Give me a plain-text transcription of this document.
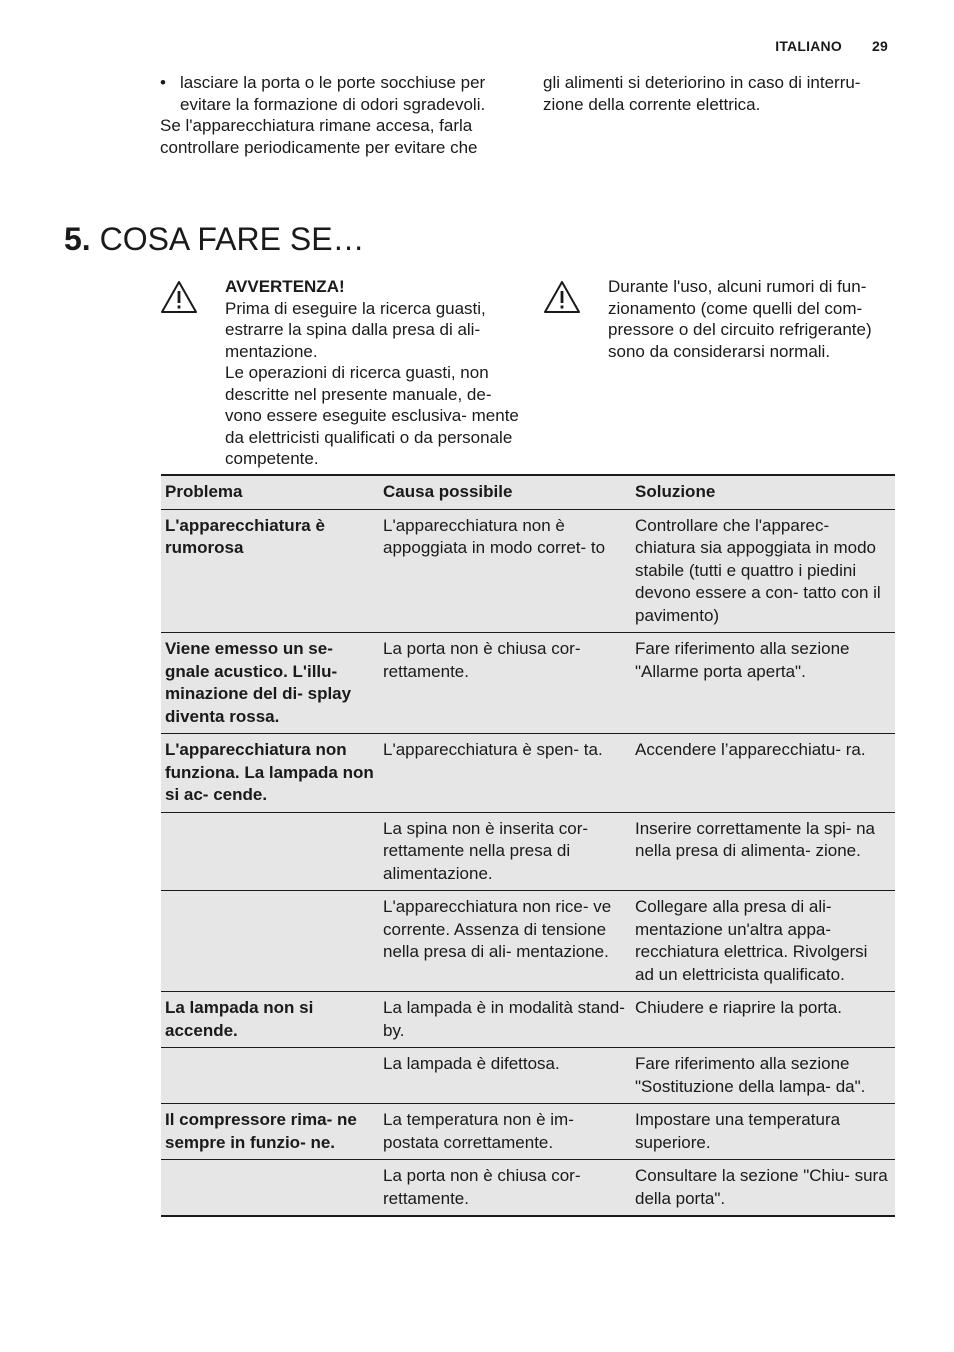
ITALIANO 29
• lasciare la porta o le porte socchiuse per evitare la formazione di odori sgradevoli.
Se l'apparecchiatura rimane accesa, farla controllare periodicamente per evitare che
gli alimenti si deteriorino in caso di interru- zione della corrente elettrica.
5. COSA FARE SE…
AVVERTENZA!
Prima di eseguire la ricerca guasti, estrarre la spina dalla presa di ali- mentazione.
Le operazioni di ricerca guasti, non descritte nel presente manuale, de- vono essere eseguite esclusiva- mente da elettricisti qualificati o da personale competente.
Durante l'uso, alcuni rumori di fun- zionamento (come quelli del com- pressore o del circuito refrigerante) sono da considerarsi normali.
Problema	Causa possibile	Soluzione
L'apparecchiatura è rumorosa	L'apparecchiatura non è appoggiata in modo corret- to	Controllare che l'apparec- chiatura sia appoggiata in modo stabile (tutti e quattro i piedini devono essere a con- tatto con il pavimento)
Viene emesso un se- gnale acustico. L'illu- minazione del di- splay diventa rossa.	La porta non è chiusa cor- rettamente.	Fare riferimento alla sezione "Allarme porta aperta".
L'apparecchiatura non funziona. La lampada non si ac- cende.	L'apparecchiatura è spen- ta.	Accendere l’apparecchiatu- ra.
	La spina non è inserita cor- rettamente nella presa di alimentazione.	Inserire correttamente la spi- na nella presa di alimenta- zione.
	L'apparecchiatura non rice- ve corrente. Assenza di tensione nella presa di ali- mentazione.	Collegare alla presa di ali- mentazione un'altra appa- recchiatura elettrica. Rivolgersi ad un elettricista qualificato.
La lampada non si accende.	La lampada è in modalità stand-by.	Chiudere e riaprire la porta.
	La lampada è difettosa.	Fare riferimento alla sezione "Sostituzione della lampa- da".
Il compressore rima- ne sempre in funzio- ne.	La temperatura non è im- postata correttamente.	Impostare una temperatura superiore.
	La porta non è chiusa cor- rettamente.	Consultare la sezione "Chiu- sura della porta".
